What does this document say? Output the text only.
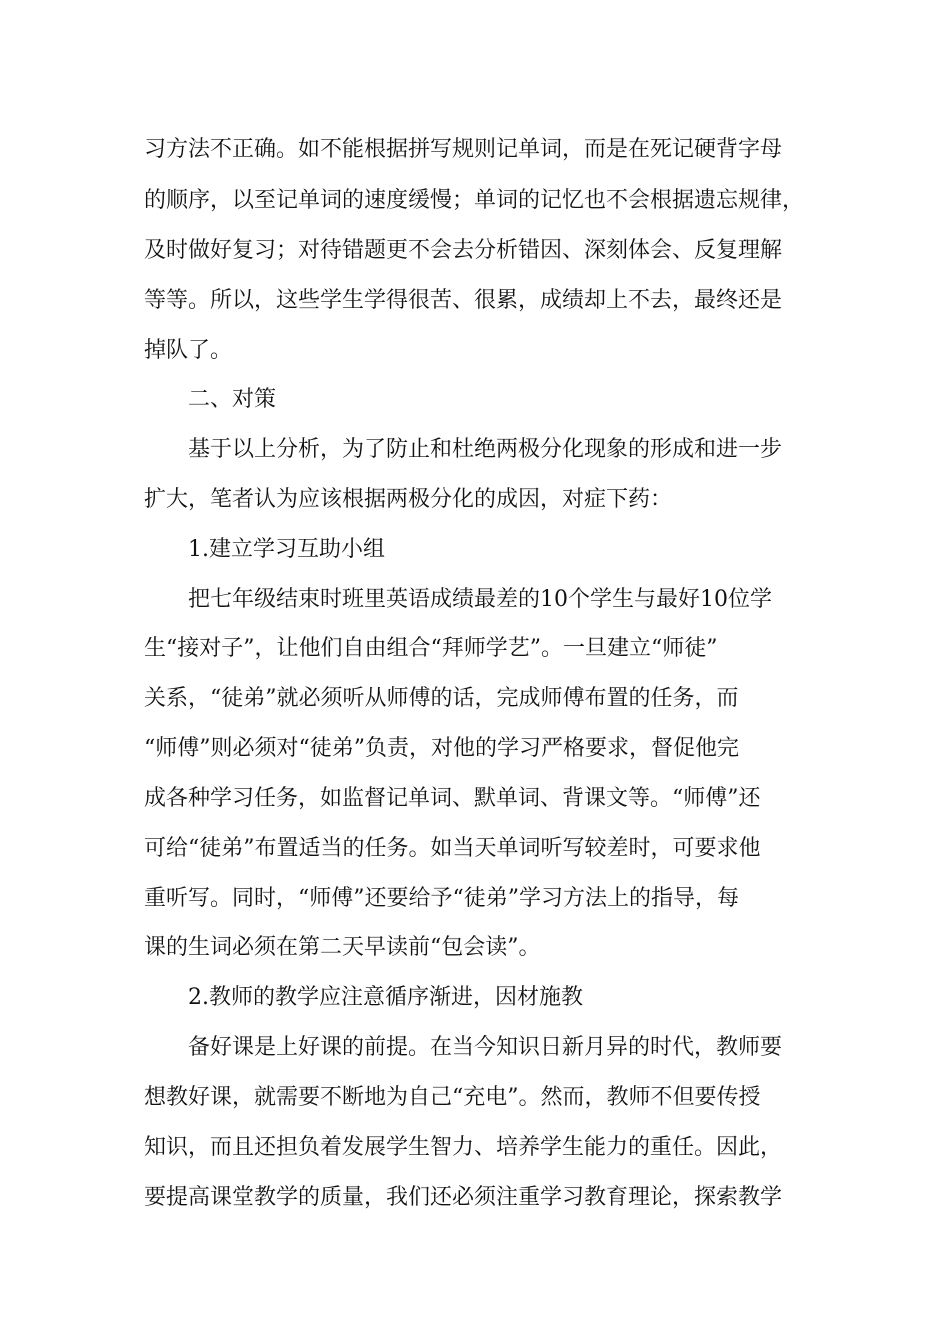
习方法不正确。如不能根据拼写规则记单词，而是在死记硬背字母
的顺序，以至记单词的速度缓慢；单词的记忆也不会根据遗忘规律，
及时做好复习；对待错题更不会去分析错因、深刻体会、反复理解
等等。所以，这些学生学得很苦、很累，成绩却上不去，最终还是
掉队了。
二、对策
基于以上分析，为了防止和杜绝两极分化现象的形成和进一步
扩大，笔者认为应该根据两极分化的成因，对症下药：
1.建立学习互助小组
把七年级结束时班里英语成绩最差的10个学生与最好10位学
生“接对子”，让他们自由组合“拜师学艺”。一旦建立“师徒”
关系，“徒弟”就必须听从师傅的话，完成师傅布置的任务，而
“师傅”则必须对“徒弟”负责，对他的学习严格要求，督促他完
成各种学习任务，如监督记单词、默单词、背课文等。“师傅”还
可给“徒弟”布置适当的任务。如当天单词听写较差时，可要求他
重听写。同时，“师傅”还要给予“徒弟”学习方法上的指导，每
课的生词必须在第二天早读前“包会读”。
2.教师的教学应注意循序渐进，因材施教
备好课是上好课的前提。在当今知识日新月异的时代，教师要
想教好课，就需要不断地为自己“充电”。然而，教师不但要传授
知识，而且还担负着发展学生智力、培养学生能力的重任。因此，
要提高课堂教学的质量，我们还必须注重学习教育理论，探索教学
